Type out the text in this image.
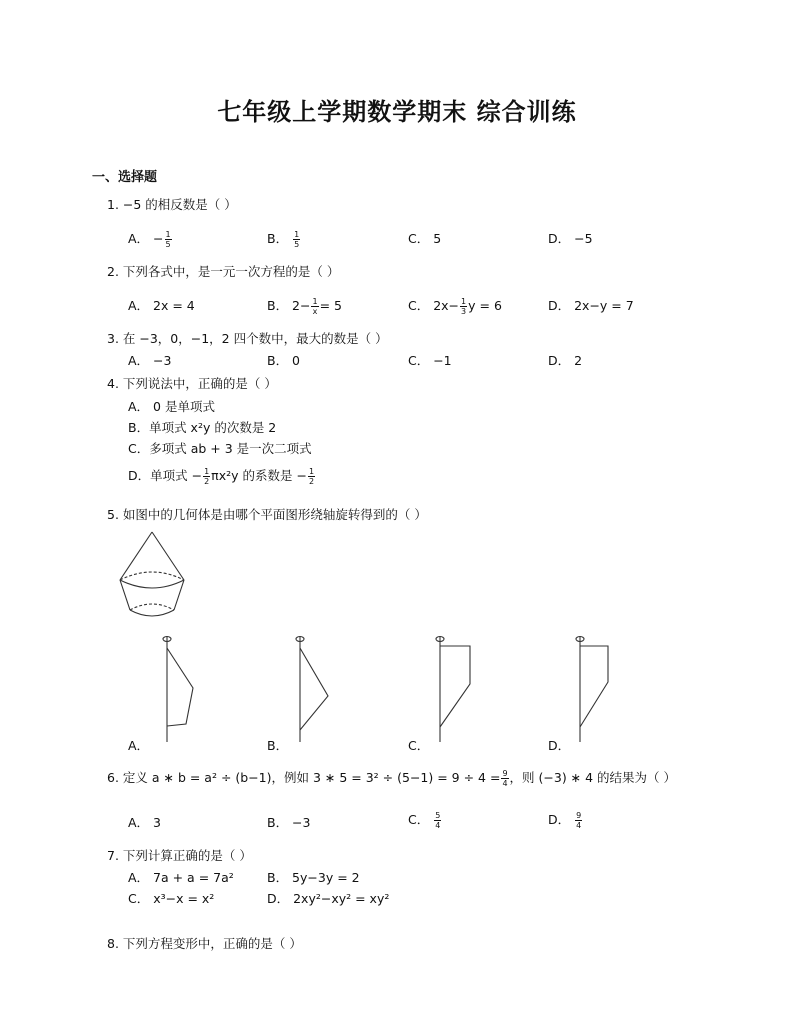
七年级上学期数学期末 综合训练
一、选择题
1. −5 的相反数是（ ）
A． − $\frac{1}{5}$	B． $\frac{1}{5}$	C． 5	D． −5
2. 下列各式中，是一元一次方程的是（ ）
A． 2x = 4	B． $2- \frac{1}{x} = 5$	C． $2x- \frac{1}{3}$ y = 6	D． 2x−y = 7
3. 在 −3，0，−1，2 四个数中，最大的数是（ ）
A． −3	B． 0	C． −1	D． 2
4. 下列说法中，正确的是（ ）
A． 0 是单项式
B．单项式 x²y 的次数是 2
C．多项式 ab + 3 是一次二项式
D．单项式 − $\frac{1}{2} \pi x^2y$ 的系数是 − $\frac{1}{2}$
5. 如图中的几何体是由哪个平面图形绕轴旋转得到的（ ）
A．	B．	C．	D．
6. 定义 a ∗ b = a² ÷ (b−1)，例如 3 ∗ $5 = 3^2 \div (5-1) = 9 \div 4 = \frac{9}{4}$ ，则 (−3) ∗ 4 的结果为（ ）
A． 3	B． −3	C． $\frac{5}{4}$	D． $\frac{9}{4}$
7. 下列计算正确的是（ ）
A． 7a + a = 7a²	B． 5y−3y = 2
C． x³−x = x²	D． 2xy²−xy² = xy²
8. 下列方程变形中，正确的是（ ）
